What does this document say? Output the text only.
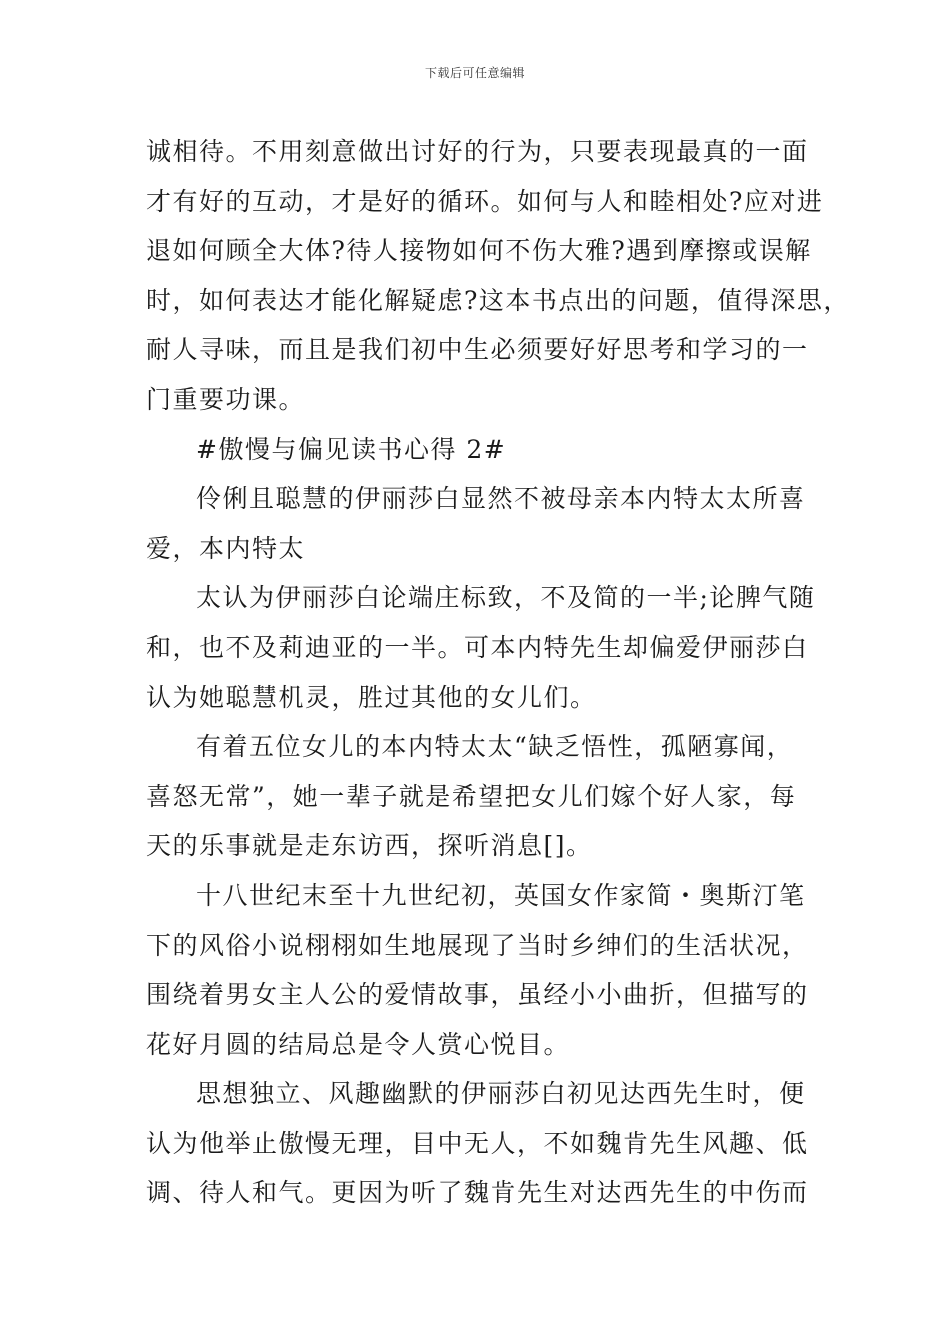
下载后可任意编辑
诚相待。不用刻意做出讨好的行为，只要表现最真的一面
才有好的互动，才是好的循环。如何与人和睦相处?应对进
退如何顾全大体?待人接物如何不伤大雅?遇到摩擦或误解
时，如何表达才能化解疑虑?这本书点出的问题，值得深思，
耐人寻味，而且是我们初中生必须要好好思考和学习的一
门重要功课。
#傲慢与偏见读书心得 2#
伶俐且聪慧的伊丽莎白显然不被母亲本内特太太所喜
爱，本内特太
太认为伊丽莎白论端庄标致，不及简的一半;论脾气随
和，也不及莉迪亚的一半。可本内特先生却偏爱伊丽莎白
认为她聪慧机灵，胜过其他的女儿们。
有着五位女儿的本内特太太“缺乏悟性，孤陋寡闻，
喜怒无常”，她一辈子就是希望把女儿们嫁个好人家，每
天的乐事就是走东访西，探听消息[]。
十八世纪末至十九世纪初，英国女作家简・奥斯汀笔
下的风俗小说栩栩如生地展现了当时乡绅们的生活状况，
围绕着男女主人公的爱情故事，虽经小小曲折，但描写的
花好月圆的结局总是令人赏心悦目。
思想独立、风趣幽默的伊丽莎白初见达西先生时，便
认为他举止傲慢无理，目中无人，不如魏肯先生风趣、低
调、待人和气。更因为听了魏肯先生对达西先生的中伤而
